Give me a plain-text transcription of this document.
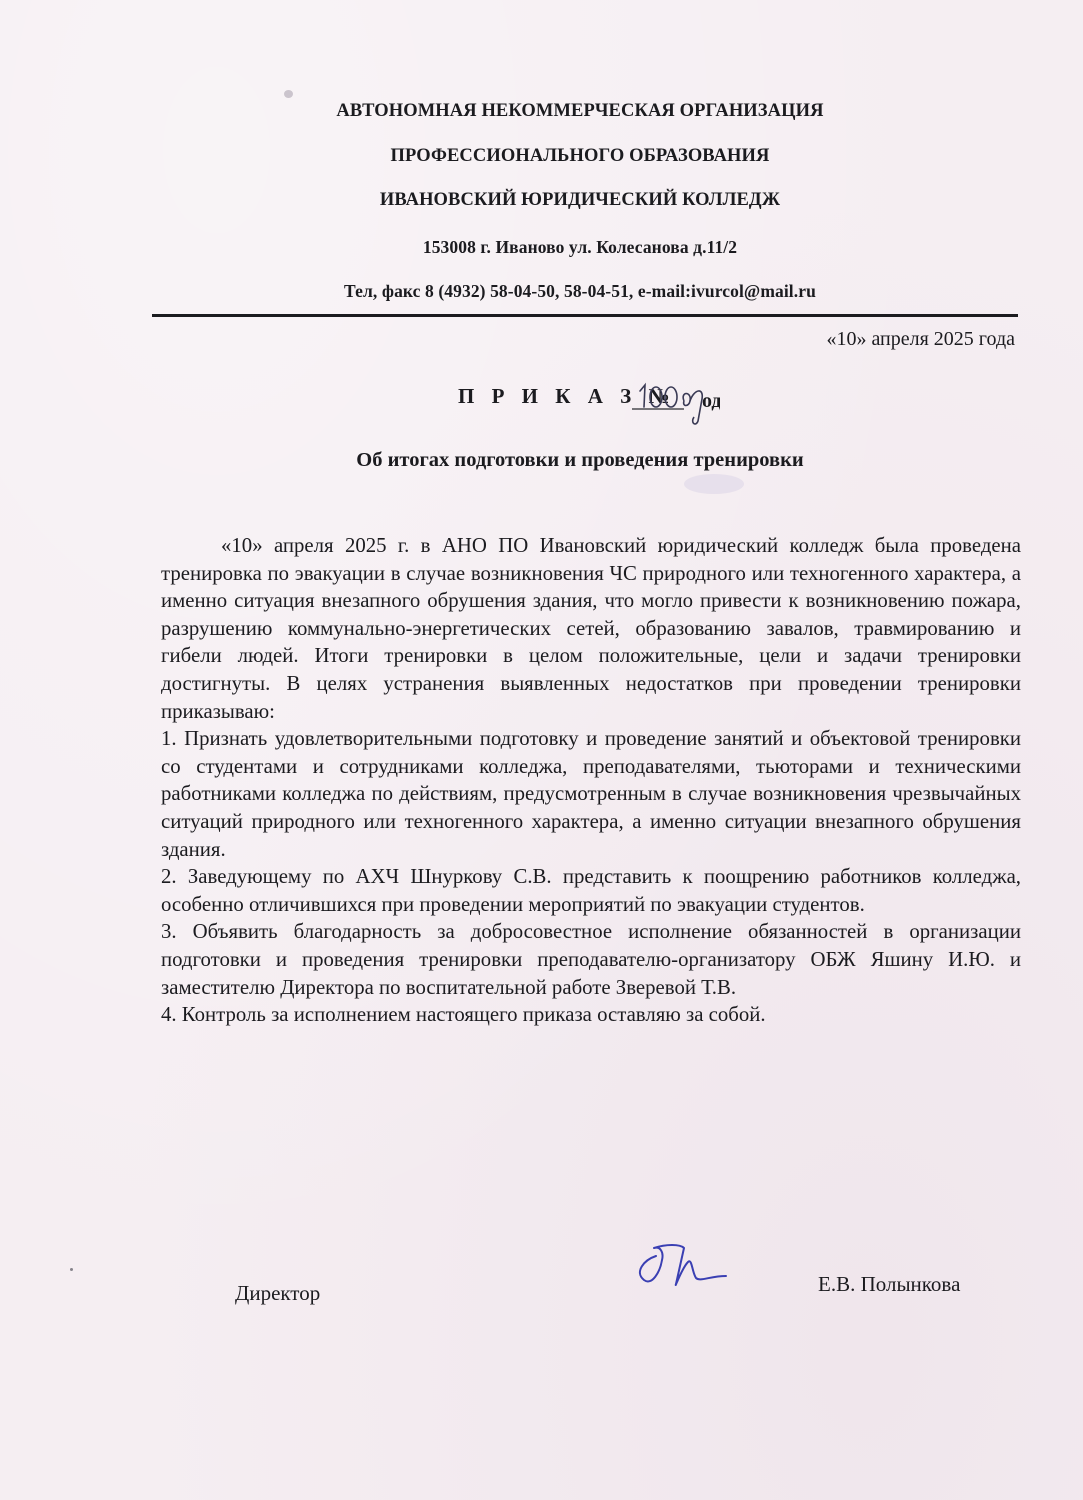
АВТОНОМНАЯ НЕКОММЕРЧЕСКАЯ ОРГАНИЗАЦИЯ
ПРОФЕССИОНАЛЬНОГО ОБРАЗОВАНИЯ
ИВАНОВСКИЙ ЮРИДИЧЕСКИЙ КОЛЛЕДЖ
153008 г. Иваново ул. Колесанова д.11/2
Тел, факс 8 (4932) 58-04-50, 58-04-51, e-mail:ivurcol@mail.ru
«10» апреля 2025 года
П Р И К А З № од
Об итогах подготовки и проведения тренировки

«10» апреля 2025 г. в АНО ПО Ивановский юридический колледж была проведена тренировка по эвакуации в случае возникновения ЧС природного или техногенного характера, а именно ситуация внезапного обрушения здания, что могло привести к возникновению пожара, разрушению коммунально-энергетических сетей, образованию завалов, травмированию и гибели людей. Итоги тренировки в целом положительные, цели и задачи тренировки достигнуты. В целях устранения выявленных недостатков при проведении тренировки приказываю:

1. Признать удовлетворительными подготовку и проведение занятий и объектовой тренировки со студентами и сотрудниками колледжа, преподавателями, тьюторами и техническими работниками колледжа по действиям, предусмотренным в случае возникновения чрезвычайных ситуаций природного или техногенного характера, а именно ситуации внезапного обрушения здания.

2. Заведующему по АХЧ Шнуркову С.В. представить к поощрению работников колледжа, особенно отличившихся при проведении мероприятий по эвакуации студентов.

3. Объявить благодарность за добросовестное исполнение обязанностей в организации подготовки и проведения тренировки преподавателю-организатору ОБЖ Яшину И.Ю. и заместителю Директора по воспитательной работе Зверевой Т.В.

4. Контроль за исполнением настоящего приказа оставляю за собой.

Директор	Е.В. Полынкова
